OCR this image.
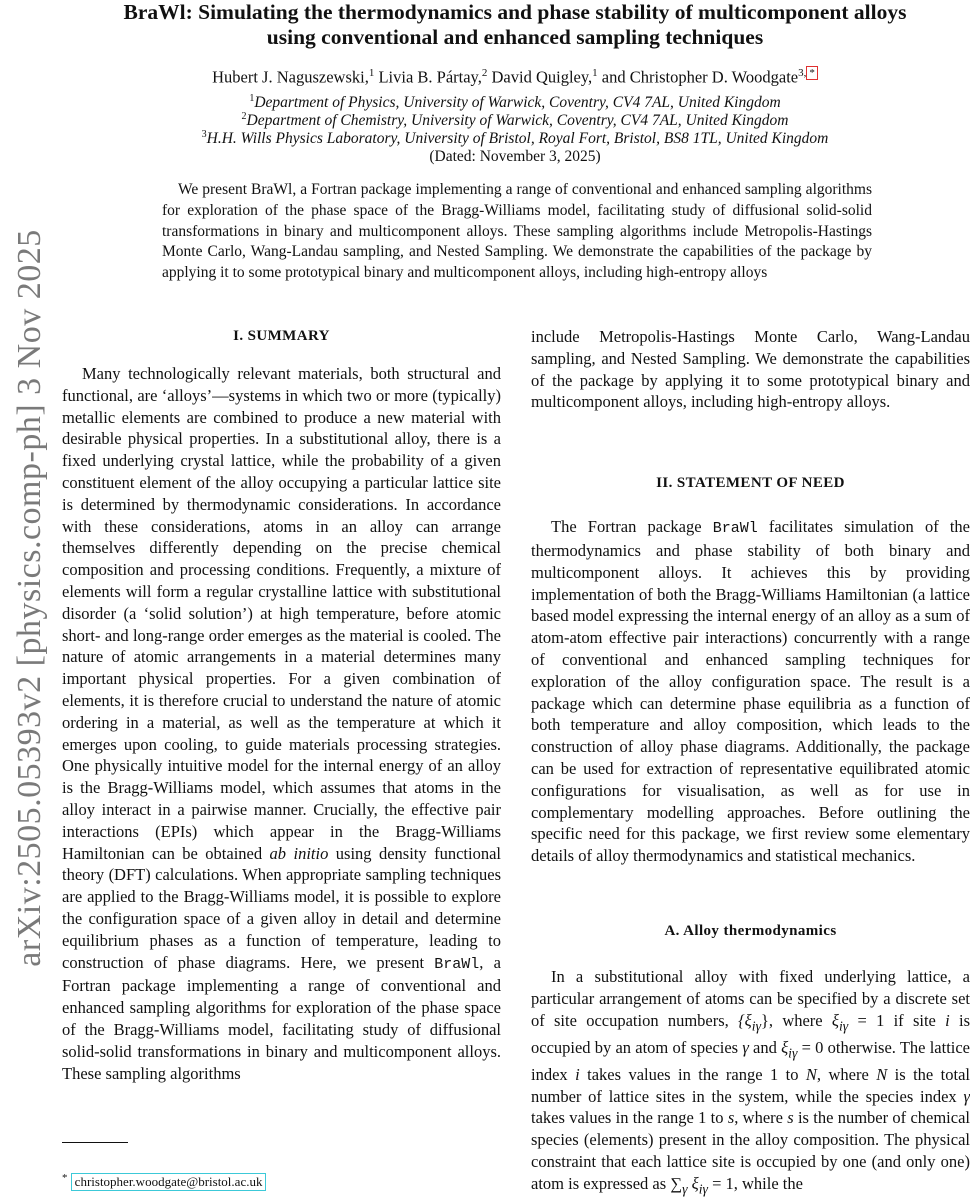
arXiv:2505.05393v2 [physics.comp-ph] 3 Nov 2025
BraWl: Simulating the thermodynamics and phase stability of multicomponent alloys
using conventional and enhanced sampling techniques
Hubert J. Naguszewski,$^1$ Livia B. Pártay,$^2$ David Quigley,$^1$ and Christopher D. Woodgate$^{3,}$ *
$^1$Department of Physics, University of Warwick, Coventry, CV4 7AL, United Kingdom
$^2$Department of Chemistry, University of Warwick, Coventry, CV4 7AL, United Kingdom
$^3$H.H. Wills Physics Laboratory, University of Bristol, Royal Fort, Bristol, BS8 1TL, United Kingdom
(Dated: November 3, 2025)

We present BraWl, a Fortran package implementing a range of conventional and enhanced sampling algorithms for exploration of the phase space of the Bragg-Williams model, facilitating study of diffusional solid-solid transformations in binary and multicomponent alloys. These sampling algorithms include Metropolis-Hastings Monte Carlo, Wang-Landau sampling, and Nested Sampling. We demonstrate the capabilities of the package by applying it to some prototypical binary and multicomponent alloys, including high-entropy alloys

I. SUMMARY

Many technologically relevant materials, both structural and functional, are ‘alloys’—systems in which two or more (typically) metallic elements are combined to produce a new material with desirable physical properties. In a substitutional alloy, there is a fixed underlying crystal lattice, while the probability of a given constituent element of the alloy occupying a particular lattice site is determined by thermodynamic considerations. In accordance with these considerations, atoms in an alloy can arrange themselves differently depending on the precise chemical composition and processing conditions. Frequently, a mixture of elements will form a regular crystalline lattice with substitutional disorder (a ‘solid solution’) at high temperature, before atomic short- and long-range order emerges as the material is cooled. The nature of atomic arrangements in a material determines many important physical properties. For a given combination of elements, it is therefore crucial to understand the nature of atomic ordering in a material, as well as the temperature at which it emerges upon cooling, to guide materials processing strategies. One physically intuitive model for the internal energy of an alloy is the Bragg-Williams model, which assumes that atoms in the alloy interact in a pairwise manner. Crucially, the effective pair interactions (EPIs) which appear in the Bragg-Williams Hamiltonian can be obtained ab initio using density functional theory (DFT) calculations. When appropriate sampling techniques are applied to the Bragg-Williams model, it is possible to explore the configuration space of a given alloy in detail and determine equilibrium phases as a function of temperature, leading to construction of phase diagrams. Here, we present BraWl, a Fortran package implementing a range of conventional and enhanced sampling algorithms for exploration of the phase space of the Bragg-Williams model, facilitating study of diffusional solid-solid transformations in binary and multicomponent alloys. These sampling algorithms

include Metropolis-Hastings Monte Carlo, Wang-Landau sampling, and Nested Sampling. We demonstrate the capabilities of the package by applying it to some prototypical binary and multicomponent alloys, including high-entropy alloys.

II. STATEMENT OF NEED

The Fortran package BraWl facilitates simulation of the thermodynamics and phase stability of both binary and multicomponent alloys. It achieves this by providing implementation of both the Bragg-Williams Hamiltonian (a lattice based model expressing the internal energy of an alloy as a sum of atom-atom effective pair interactions) concurrently with a range of conventional and enhanced sampling techniques for exploration of the alloy configuration space. The result is a package which can determine phase equilibria as a function of both temperature and alloy composition, which leads to the construction of alloy phase diagrams. Additionally, the package can be used for extraction of representative equilibrated atomic configurations for visualisation, as well as for use in complementary modelling approaches. Before outlining the specific need for this package, we first review some elementary details of alloy thermodynamics and statistical mechanics.

A. Alloy thermodynamics

In a substitutional alloy with fixed underlying lattice, a particular arrangement of atoms can be specified by a discrete set of site occupation numbers, $\{\xi_{i\gamma}\}$, where $\xi_{i\gamma} = 1$ if site i is occupied by an atom of species γ and $\xi_{i\gamma} = 0$ otherwise. The lattice index i takes values in the range 1 to N, where N is the total number of lattice sites in the system, while the species index γ takes values in the range 1 to s, where s is the number of chemical species (elements) present in the alloy composition. The physical constraint that each lattice site is occupied by one (and only one) atom is expressed as $\sum_\gamma$ $\xi_{i\gamma} = 1$, while the

* christopher.woodgate@bristol.ac.uk
